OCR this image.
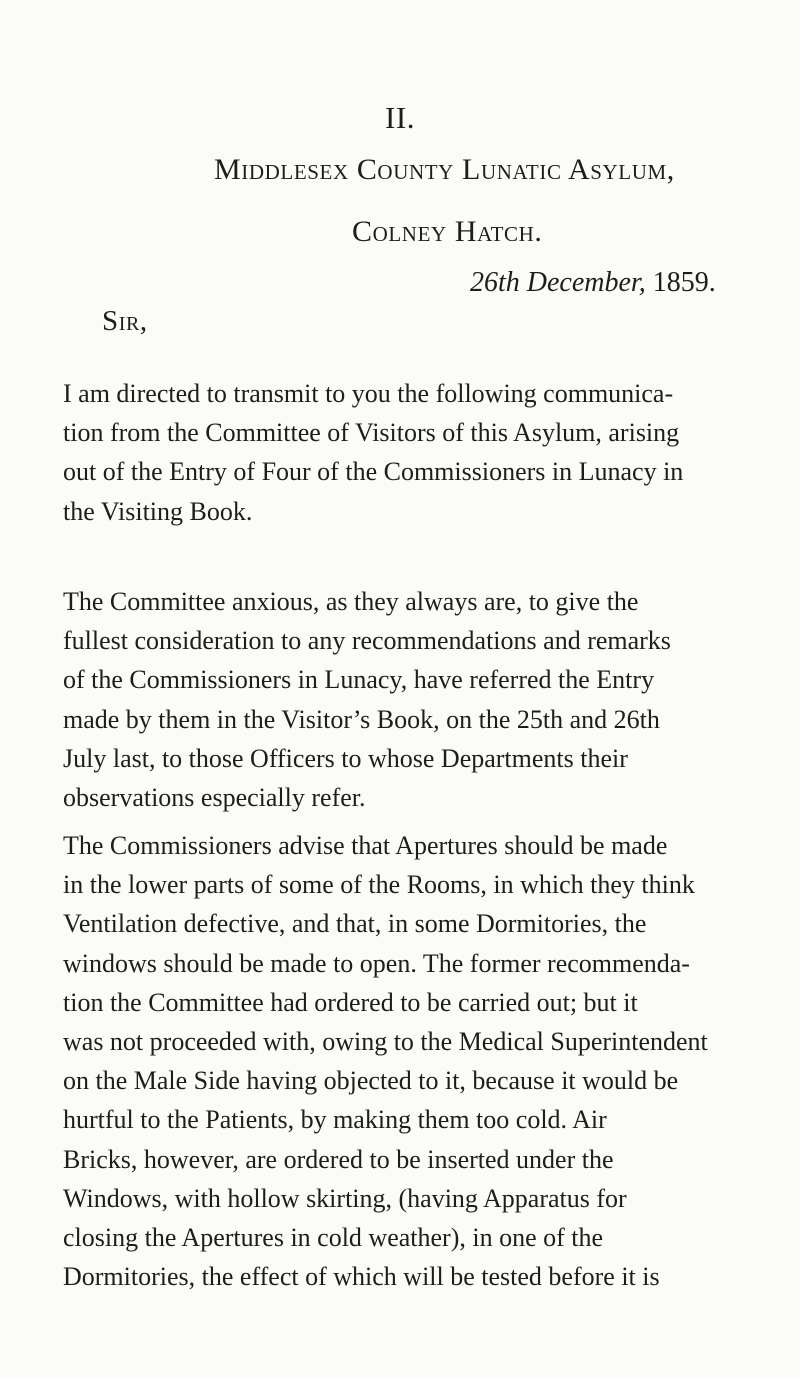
II.
Middlesex County Lunatic Asylum,
Colney Hatch.
26th December, 1859.
Sir,
I am directed to transmit to you the following communica-
tion from the Committee of Visitors of this Asylum, arising
out of the Entry of Four of the Commissioners in Lunacy in
the Visiting Book.
The Committee anxious, as they always are, to give the
fullest consideration to any recommendations and remarks
of the Commissioners in Lunacy, have referred the Entry
made by them in the Visitor’s Book, on the 25th and 26th
July last, to those Officers to whose Departments their
observations especially refer.
The Commissioners advise that Apertures should be made
in the lower parts of some of the Rooms, in which they think
Ventilation defective, and that, in some Dormitories, the
windows should be made to open. The former recommenda-
tion the Committee had ordered to be carried out; but it
was not proceeded with, owing to the Medical Superintendent
on the Male Side having objected to it, because it would be
hurtful to the Patients, by making them too cold. Air
Bricks, however, are ordered to be inserted under the
Windows, with hollow skirting, (having Apparatus for
closing the Apertures in cold weather), in one of the
Dormitories, the effect of which will be tested before it is
